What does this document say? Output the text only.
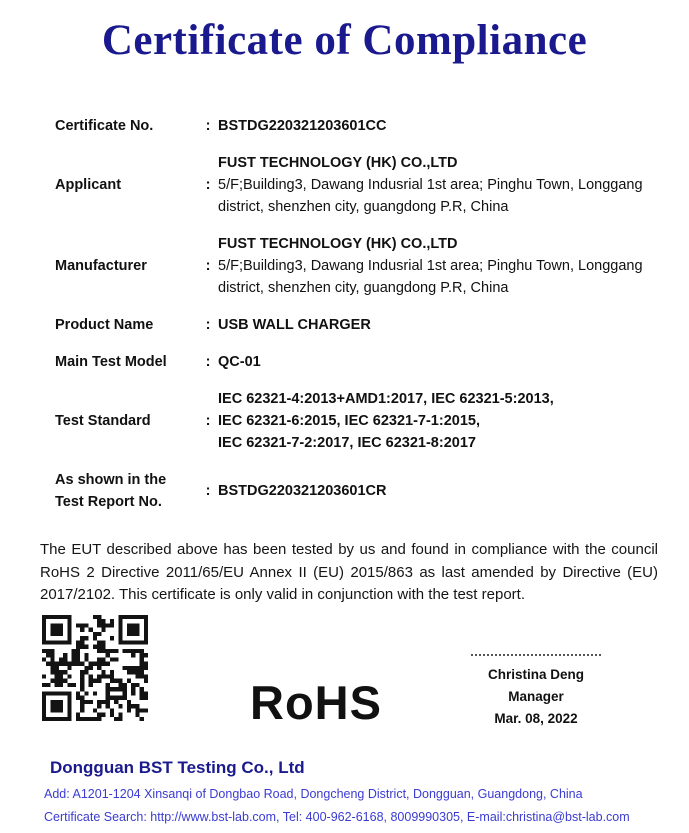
Certificate of Compliance
Certificate No.	: BSTDG220321203601CC
Applicant	:
FUST TECHNOLOGY (HK) CO.,LTD
5/F;Building3, Dawang Indusrial 1st area; Pinghu Town, Longgang district, shenzhen city, guangdong P.R, China
Manufacturer	:
FUST TECHNOLOGY (HK) CO.,LTD
5/F;Building3, Dawang Indusrial 1st area; Pinghu Town, Longgang district, shenzhen city, guangdong P.R, China
Product Name	: USB WALL CHARGER
Main Test Model	: QC-01
Test Standard	:
IEC 62321-4:2013+AMD1:2017, IEC 62321-5:2013,
IEC 62321-6:2015, IEC 62321-7-1:2015,
IEC 62321-7-2:2017, IEC 62321-8:2017
As shown in the Test Report No.
: BSTDG220321203601CR
The EUT described above has been tested by us and found in compliance with the council RoHS 2 Directive 2011/65/EU Annex II (EU) 2015/863 as last amended by Directive (EU) 2017/2102. This certificate is only valid in conjunction with the test report.
RoHS
Christina Deng
Manager
Mar. 08, 2022
Dongguan BST Testing Co., Ltd
Add: A1201-1204 Xinsanqi of Dongbao Road, Dongcheng District, Dongguan, Guangdong, China
Certificate Search: http://www.bst-lab.com, Tel: 400-962-6168, 8009990305, E-mail:christina@bst-lab.com
